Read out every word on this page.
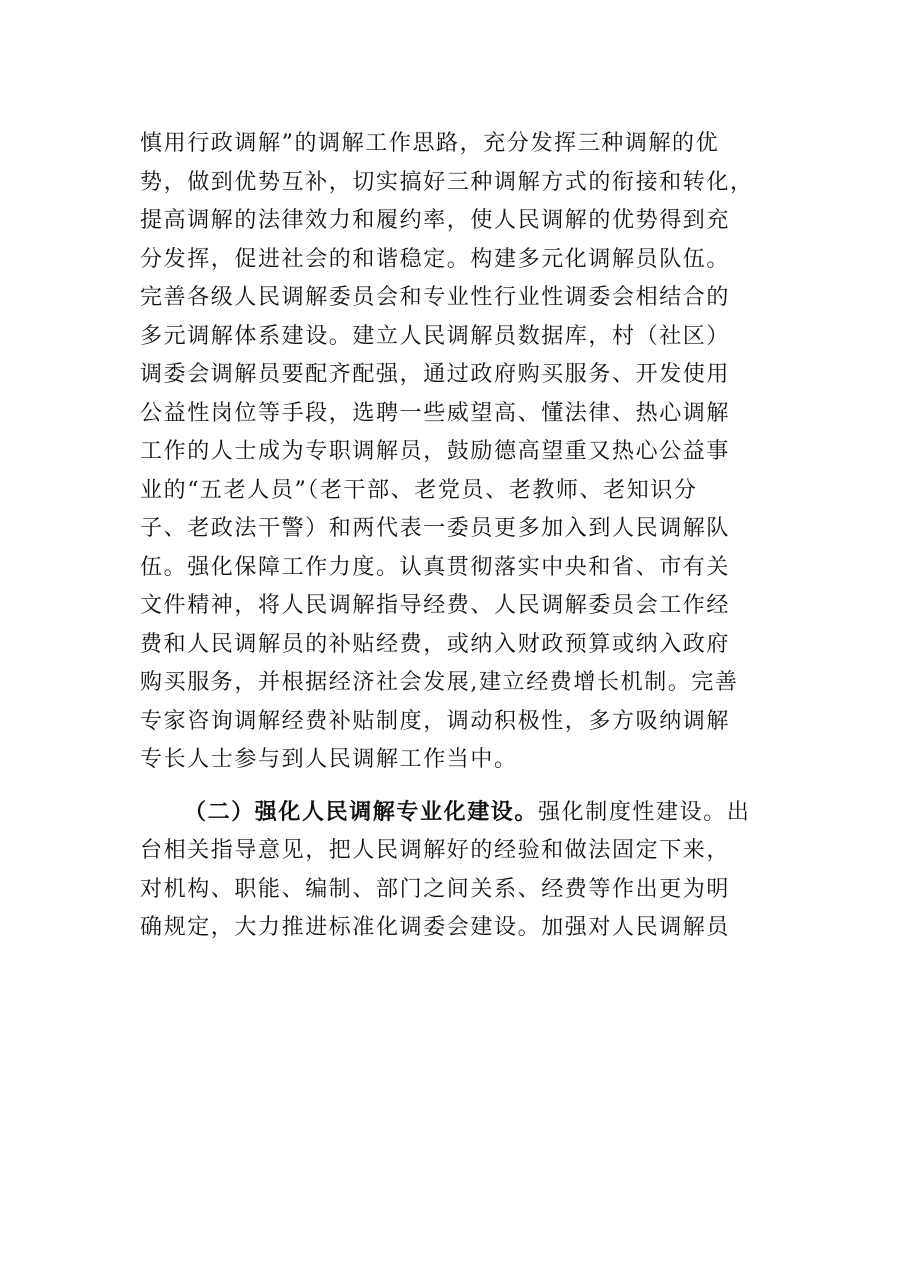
慎用行政调解”的调解工作思路，充分发挥三种调解的优
势，做到优势互补，切实搞好三种调解方式的衔接和转化，
提高调解的法律效力和履约率，使人民调解的优势得到充
分发挥，促进社会的和谐稳定。构建多元化调解员队伍。
完善各级人民调解委员会和专业性行业性调委会相结合的
多元调解体系建设。建立人民调解员数据库，村（社区）
调委会调解员要配齐配强，通过政府购买服务、开发使用
公益性岗位等手段，选聘一些威望高、懂法律、热心调解
工作的人士成为专职调解员，鼓励德高望重又热心公益事
业的“五老人员”（老干部、老党员、老教师、老知识分
子、老政法干警）和两代表一委员更多加入到人民调解队
伍。强化保障工作力度。认真贯彻落实中央和省、市有关
文件精神，将人民调解指导经费、人民调解委员会工作经
费和人民调解员的补贴经费，或纳入财政预算或纳入政府
购买服务，并根据经济社会发展,建立经费增长机制。完善
专家咨询调解经费补贴制度，调动积极性，多方吸纳调解
专长人士参与到人民调解工作当中。
（二）强化人民调解专业化建设。强化制度性建设。出
台相关指导意见，把人民调解好的经验和做法固定下来，
对机构、职能、编制、部门之间关系、经费等作出更为明
确规定，大力推进标准化调委会建设。加强对人民调解员
